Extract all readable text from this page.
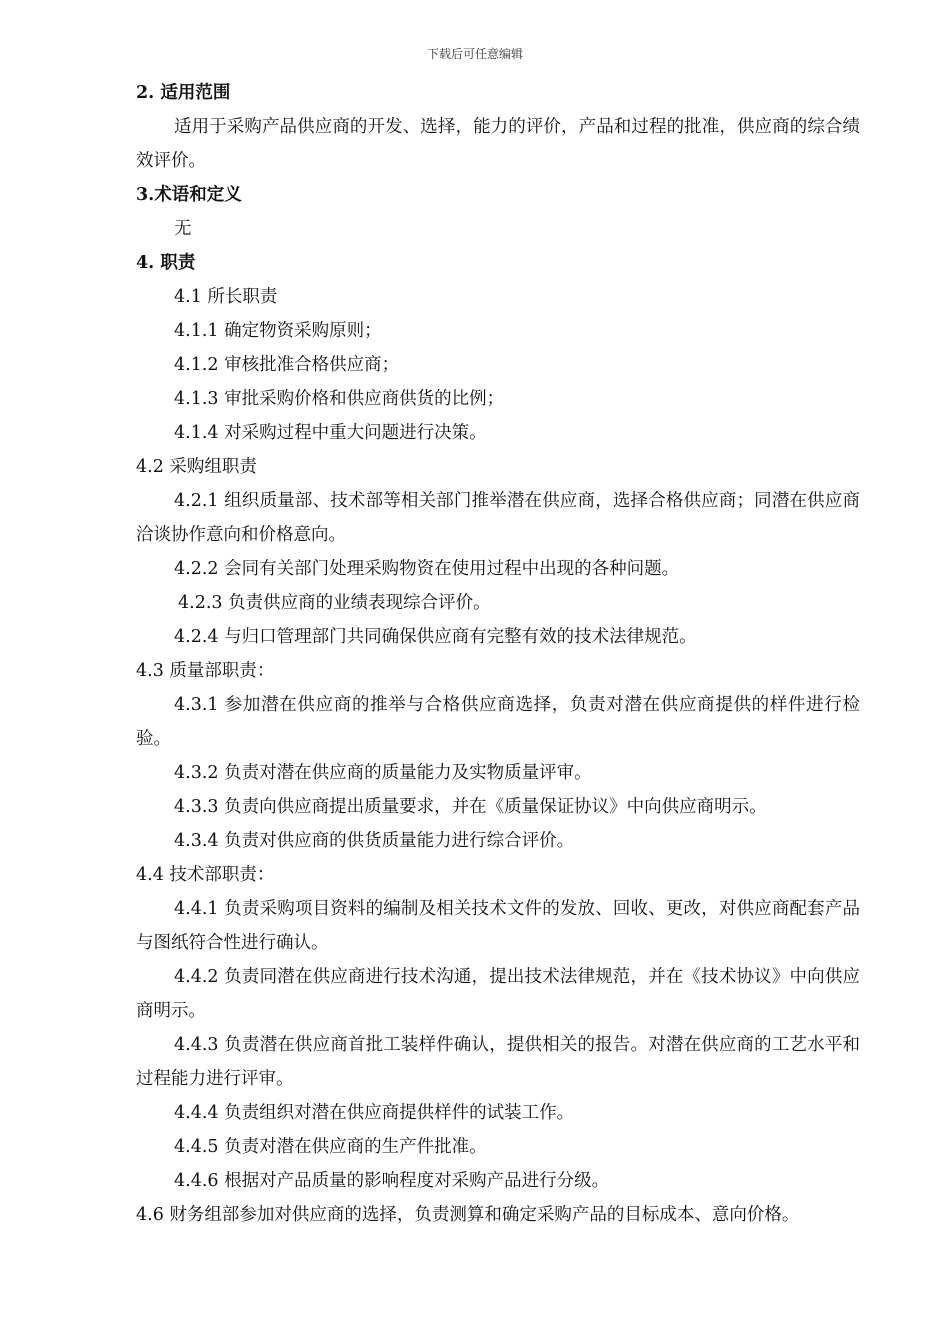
下载后可任意编辑

2. 适用范围

适用于采购产品供应商的开发、选择，能力的评价，产品和过程的批准，供应商的综合绩效评价。

3.术语和定义

无

4. 职责

4.1 所长职责

4.1.1 确定物资采购原则；

4.1.2 审核批准合格供应商；

4.1.3 审批采购价格和供应商供货的比例；

4.1.4 对采购过程中重大问题进行决策。

4.2 采购组职责

4.2.1 组织质量部、技术部等相关部门推举潜在供应商，选择合格供应商；同潜在供应商洽谈协作意向和价格意向。

4.2.2 会同有关部门处理采购物资在使用过程中出现的各种问题。

4.2.3 负责供应商的业绩表现综合评价。

4.2.4 与归口管理部门共同确保供应商有完整有效的技术法律规范。

4.3 质量部职责：

4.3.1 参加潜在供应商的推举与合格供应商选择，负责对潜在供应商提供的样件进行检验。

4.3.2 负责对潜在供应商的质量能力及实物质量评审。

4.3.3 负责向供应商提出质量要求，并在《质量保证协议》中向供应商明示。

4.3.4 负责对供应商的供货质量能力进行综合评价。

4.4 技术部职责：

4.4.1 负责采购项目资料的编制及相关技术文件的发放、回收、更改，对供应商配套产品与图纸符合性进行确认。

4.4.2 负责同潜在供应商进行技术沟通，提出技术法律规范，并在《技术协议》中向供应商明示。

4.4.3 负责潜在供应商首批工装样件确认，提供相关的报告。对潜在供应商的工艺水平和过程能力进行评审。

4.4.4 负责组织对潜在供应商提供样件的试装工作。

4.4.5 负责对潜在供应商的生产件批准。

4.4.6 根据对产品质量的影响程度对采购产品进行分级。

4.6 财务组部参加对供应商的选择，负责测算和确定采购产品的目标成本、意向价格。
